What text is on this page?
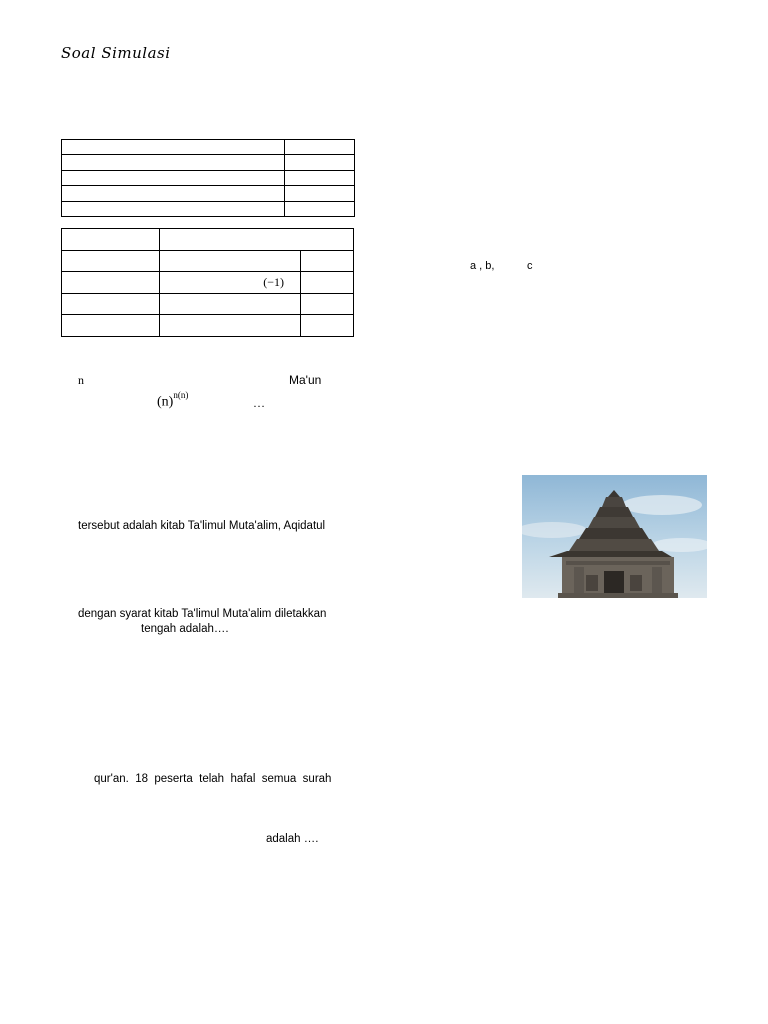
Soal Simulasi

	(−1)	

a , b,	c
n	Ma'un
$(n)^{n(n)}$
…
tersebut adalah kitab Ta'limul Muta'alim, Aqidatul
dengan syarat kitab Ta'limul Muta'alim diletakkan
tengah adalah….
qur'an.  18  peserta  telah  hafal  semua  surah
adalah ….
